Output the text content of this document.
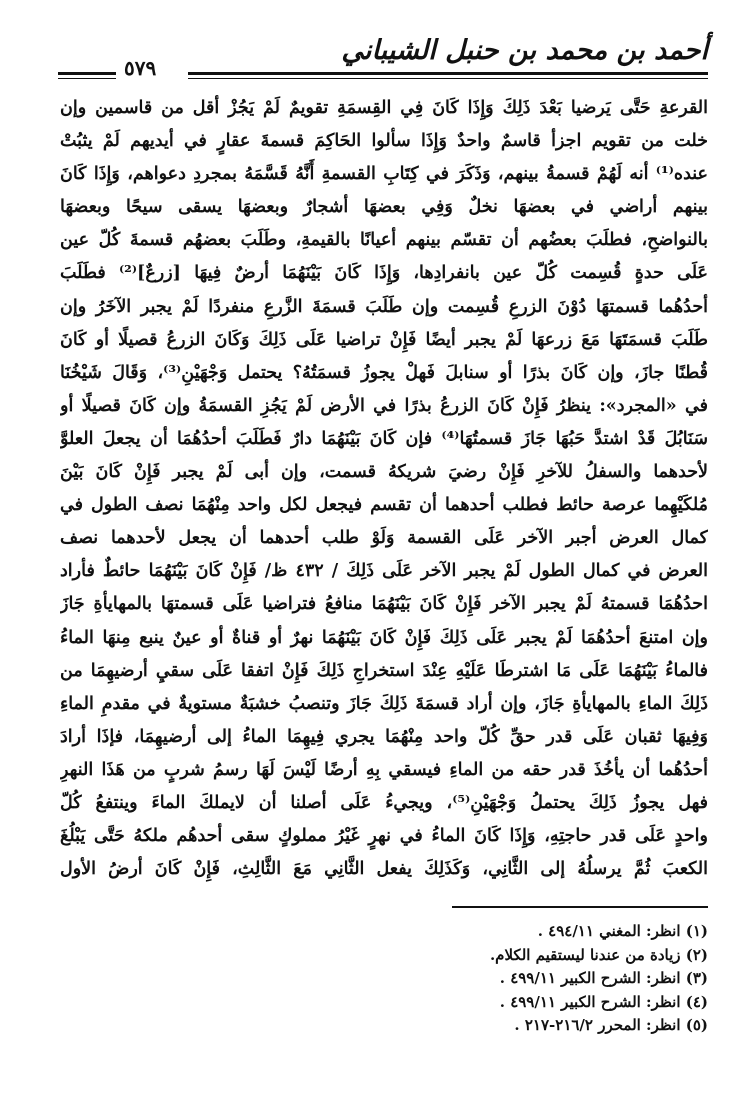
٥٧٩
أحمد بن محمد بن حنبل الشيباني
القرعةِ حَتَّى يَرضيا بَعْدَ ذَلِكَ وَإِذَا كَانَ فِي القِسمَةِ تقويمٌ لَمْ يَجُزْ أقل من قاسمين وإن
خلت من تقويم اجزأ قاسمٌ واحدٌ وَإِذَا سألوا الحَاكِمَ قسمةَ عقارٍ في أيديهم لَمْ يثبُتْ
عنده⁽¹⁾ أنه لَهُمْ قسمةُ بينهم، وَذَكَرَ في كِتَابِ القسمةِ أَنَّهُ قَسَّمَهُ بمجردِ دعواهم، وَإِذَا كَانَ
بينهم أراضي في بعضهَا نخلٌ وَفِي بعضهَا أشجارٌ وبعضهَا يسقى سيحًا وبعضهَا
بالنواضحِ، فطلَبَ بعضُهم أن تقسّم بينهم أعيانًا بالقيمةِ، وطَلَبَ بعضهُم قسمةَ كُلّ عين
عَلَى حدةٍ قُسِمت كُلّ عين بانفرادِها، وَإِذَا كَانَ بَيْنَهُمَا أرضٌ فِيهَا [زرعٌ]⁽²⁾ فطَلَبَ
أحدُهُما قسمتهَا دُوْنَ الزرعِ قُسِمت وإن طَلَبَ قسمَةَ الزَّرعِ منفردًا لَمْ يجبر الآخَرُ وإن
طَلَبَ قسمَتَهَا مَعَ زرعهَا لَمْ يجبر أيضًا فَإِنْ تراضيا عَلَى ذَلِكَ وَكَانَ الزرعُ قصيلًا أو كَانَ
قُطنًا جازَ، وإن كَانَ بذرًا أو سنابلَ فَهلْ يجوزُ قسمَتُهُ؟ يحتمل وَجْهَيْنِ⁽³⁾، وَقَالَ شَيْخُنَا
في «المجرد»: ينظرُ فَإِنْ كَانَ الزرعُ بذرًا في الأرض لَمْ يَجُزِ القسمَةُ وإن كَانَ قصيلًا أو
سَنَابُلَ قَدْ اشتدَّ حَبُهَا جَازَ قسمتُهَا⁽⁴⁾ فإن كَانَ بَيْنَهُمَا دارٌ فَطَلَبَ أحدُهُمَا أن يجعلَ العلوَّ
لأحدهما والسفلُ للآخرِ فَإِنْ رضيَ شريكهُ قسمت، وإن أبى لَمْ يجبر فَإِنْ كَانَ بَيْنَ
مُلكَيْهِما عرصة حائط فطلب أحدهما أن تقسم فيجعل لكل واحد مِنْهُمَا نصف الطول في
كمال العرض أجبر الآخر عَلَى القسمة وَلَوْ طلب أحدهما أن يجعل لأحدهما نصف
العرض في كمال الطول لَمْ يجبر الآخر عَلَى ذَلِكَ / ٤٣٢ ظ/ فَإِنْ كَانَ بَيْنَهُمَا حائطٌ فأراد
احدُهُمَا قسمتهُ لَمْ يجبر الآخر فَإِنْ كَانَ بَيْنَهُمَا منافعُ فتراضيا عَلَى قسمتهَا بالمهايأةِ جَازَ
وإن امتنعَ أحدُهُمَا لَمْ يجبر عَلَى ذَلِكَ فَإِنْ كَانَ بَيْنَهُمَا نهرٌ أو قناةٌ أو عينٌ ينبع مِنهَا الماءُ
فالماءُ بَيْنَهُمَا عَلَى مَا اشترطَا عَلَيْهِ عِنْدَ استخراجِ ذَلِكَ فَإِنْ اتفقا عَلَى سقيِ أرضيهِمَا من
ذَلِكَ الماءِ بالمهايأةِ جَازَ، وإن أراد قسمَةَ ذَلِكَ جَازَ وتنصبُ خشبَةٌ مستويةٌ في مقدمِ الماءِ
وَفِيهَا ثقبان عَلَى قدر حقِّ كُلّ واحد مِنْهُمَا يجري فِيهِمَا الماءُ إلى أرضيهِمَا، فإذَا أرادَ
أحدُهُما أن يأخُذَ قدر حقه من الماءِ فيسقي بِهِ أرضًا لَيْسَ لَهَا رسمُ شربٍ من هَذَا النهرِ
فهل يجوزُ ذَلِكَ يحتملُ وَجْهَيْنِ⁽⁵⁾، ويجيءُ عَلَى أصلنا أن لايملكَ الماءَ وينتفعُ كُلّ
واحدٍ عَلَى قدر حاجتِهِ، وَإِذَا كَانَ الماءُ في نهرٍ غَيْرُ مملوكٍ سقى أحدهُم ملكهُ حَتَّى يَبْلُغَ
الكعبَ ثُمَّ يرسلُهُ إلى الثَّانِي، وَكَذَلِكَ يفعل الثَّانِي مَعَ الثَّالِثِ، فَإِنْ كَانَ أرضُ الأول
(١) انظر: المغني ٤٩٤/١١ .
(٢) زيادة من عندنا ليستقيم الكلام.
(٣) انظر: الشرح الكبير ٤٩٩/١١ .
(٤) انظر: الشرح الكبير ٤٩٩/١١ .
(٥) انظر: المحرر ٢١٦/٢-٢١٧ .
